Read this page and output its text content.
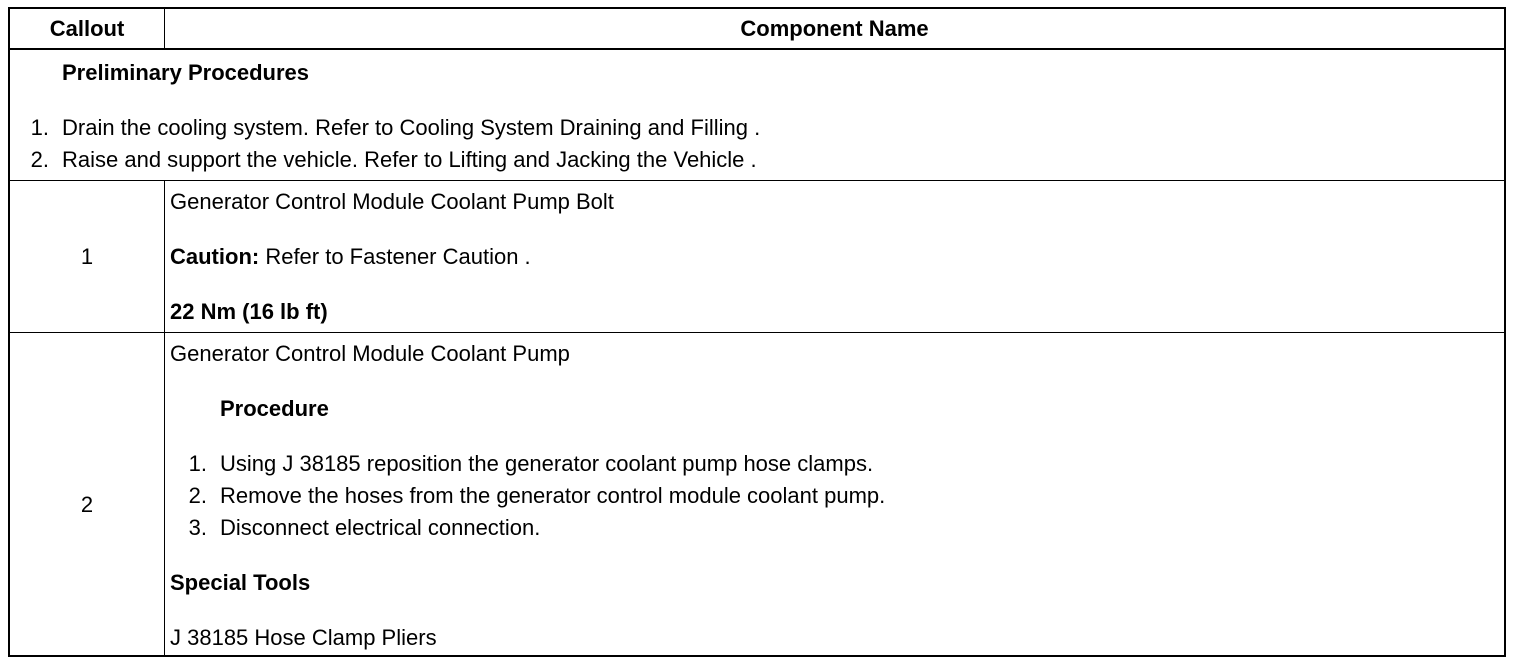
Callout	Component Name
Preliminary Procedures
1. Drain the cooling system. Refer to Cooling System Draining and Filling .
2. Raise and support the vehicle. Refer to Lifting and Jacking the Vehicle .
1
Generator Control Module Coolant Pump Bolt
Caution: Refer to Fastener Caution .
22 Nm (16 lb ft)
2
Generator Control Module Coolant Pump
Procedure
1. Using J 38185 reposition the generator coolant pump hose clamps.
2. Remove the hoses from the generator control module coolant pump.
3. Disconnect electrical connection.
Special Tools
J 38185 Hose Clamp Pliers
